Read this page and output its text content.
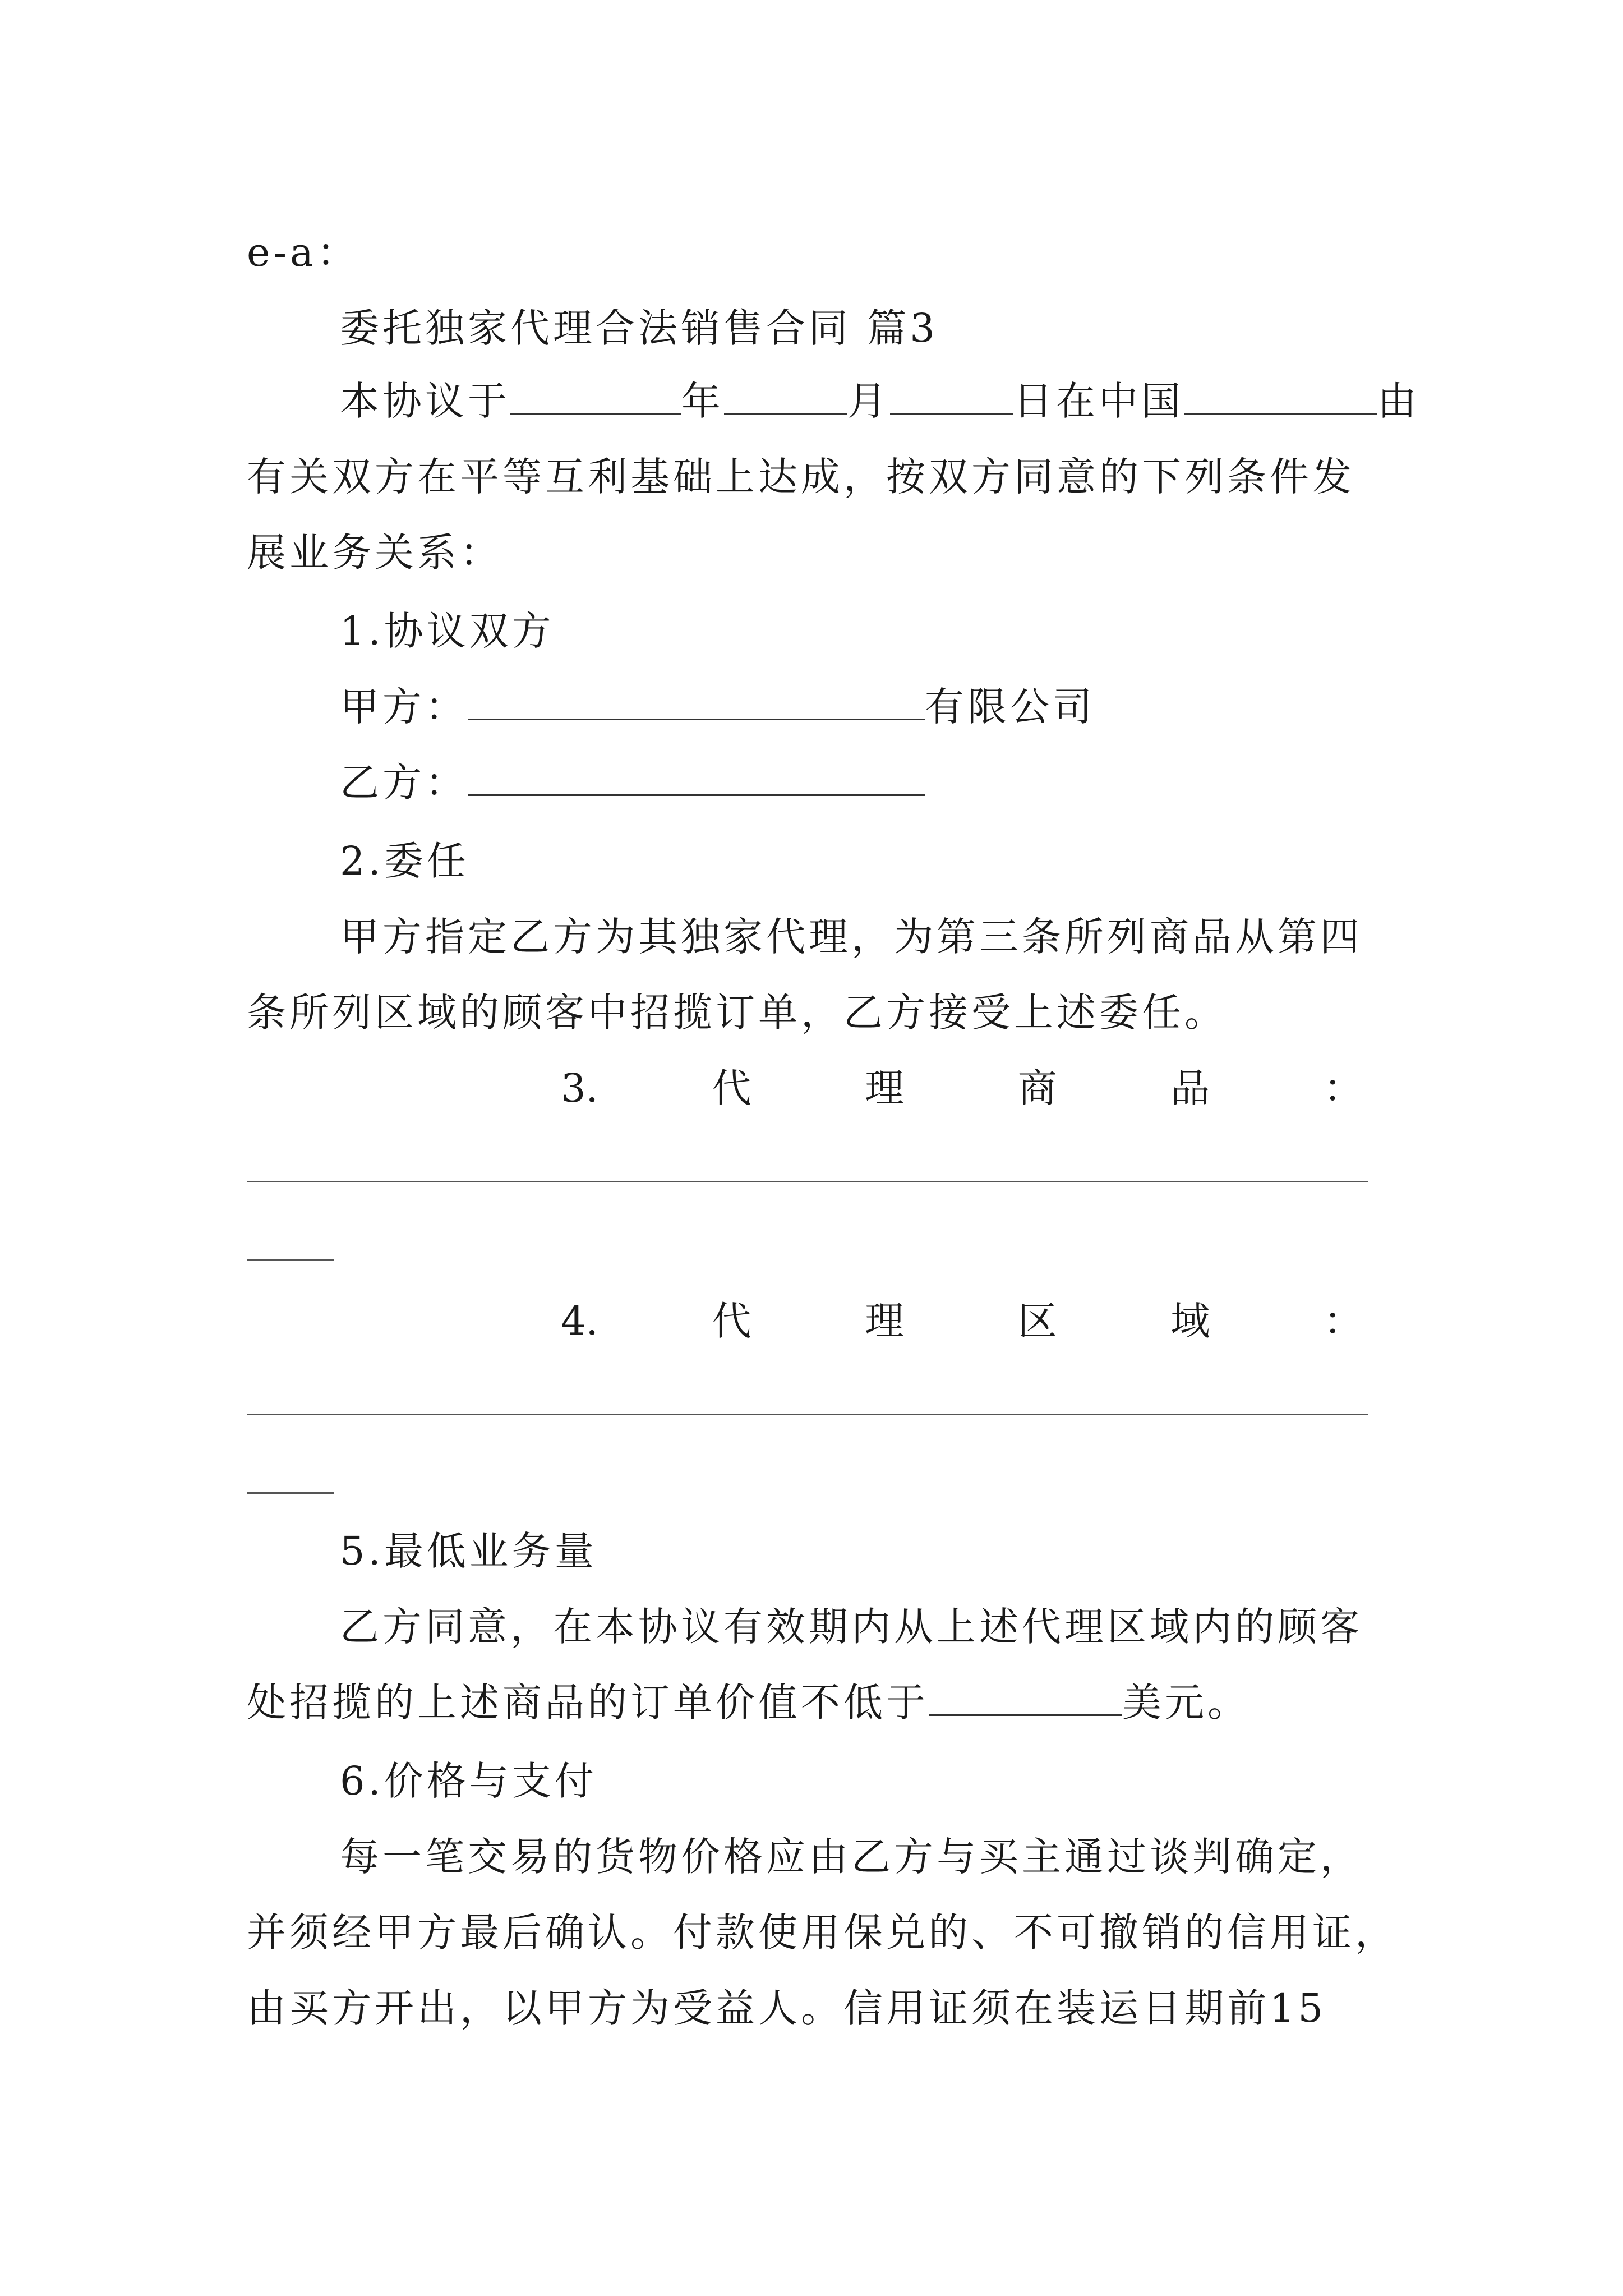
e-a：
委托独家代理合法销售合同 篇3
本协议于	年	月	日在中国	由
有关双方在平等互利基础上达成，按双方同意的下列条件发
展业务关系：
1.协议双方
甲方：	有限公司
乙方：
2.委任
甲方指定乙方为其独家代理，为第三条所列商品从第四
条所列区域的顾客中招揽订单，乙方接受上述委任。
3.	代	理	商	品	：
4.	代	理	区	域	：
5.最低业务量
乙方同意，在本协议有效期内从上述代理区域内的顾客
处招揽的上述商品的订单价值不低于	美元。
6.价格与支付
每一笔交易的货物价格应由乙方与买主通过谈判确定，
并须经甲方最后确认。付款使用保兑的、不可撤销的信用证，
由买方开出，以甲方为受益人。信用证须在装运日期前15
